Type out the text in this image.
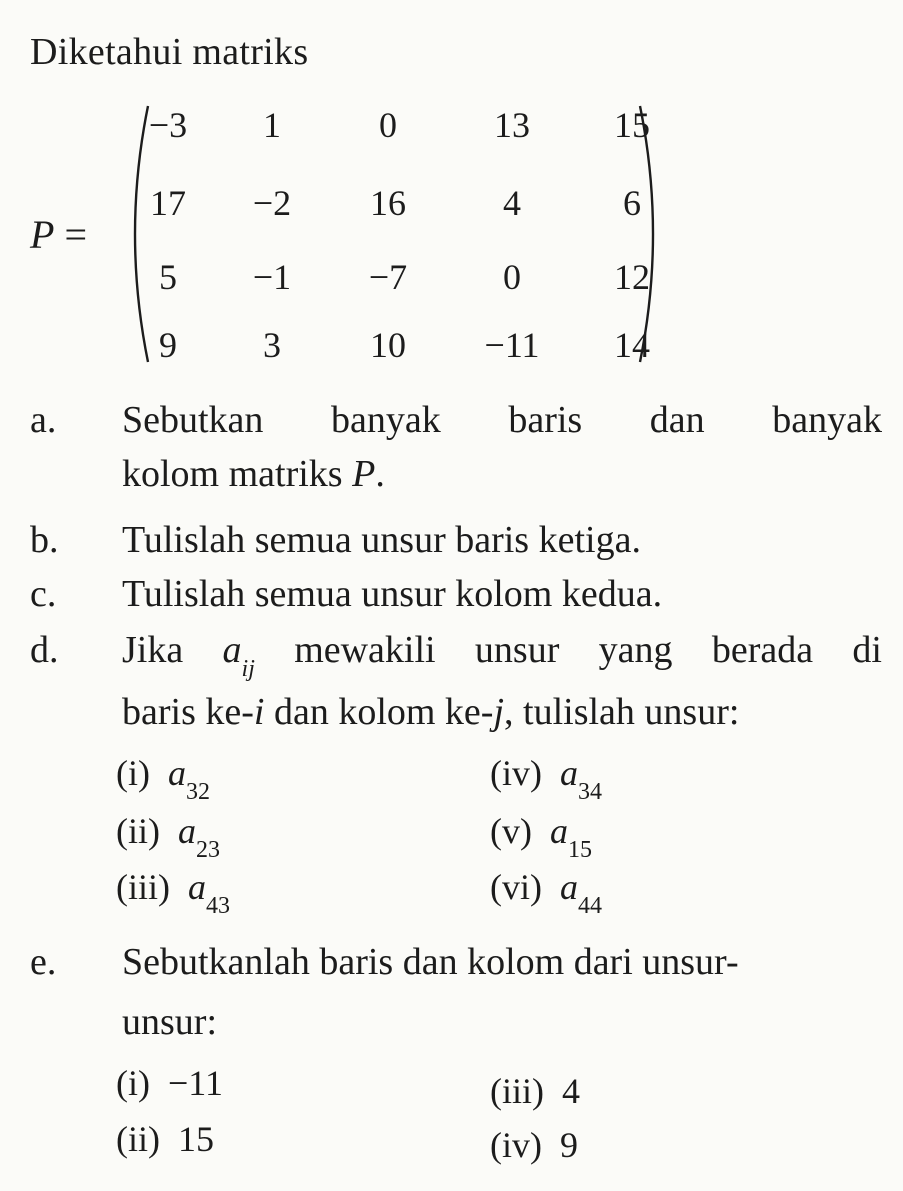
Diketahui matriks
P =
−3	1	0	13	15
17	−2	16	4	6
5	−1	−7	0	12
9	3	10	−11	14
a. Sebutkan banyak baris dan banyak
kolom matriks P.
b. Tulislah semua unsur baris ketiga.
c. Tulislah semua unsur kolom kedua.
d. Jika $a_{ij}$ mewakili unsur yang berada di
baris ke-i dan kolom ke-j, tulislah unsur:
(i) $a_{32}$	(iv) $a_{34}$
(ii) $a_{23}$	(v) $a_{15}$
(iii) $a_{43}$	(vi) $a_{44}$
e. Sebutkanlah baris dan kolom dari unsur-
unsur:
(i) −11	(iii) 4
(ii) 15	(iv) 9
